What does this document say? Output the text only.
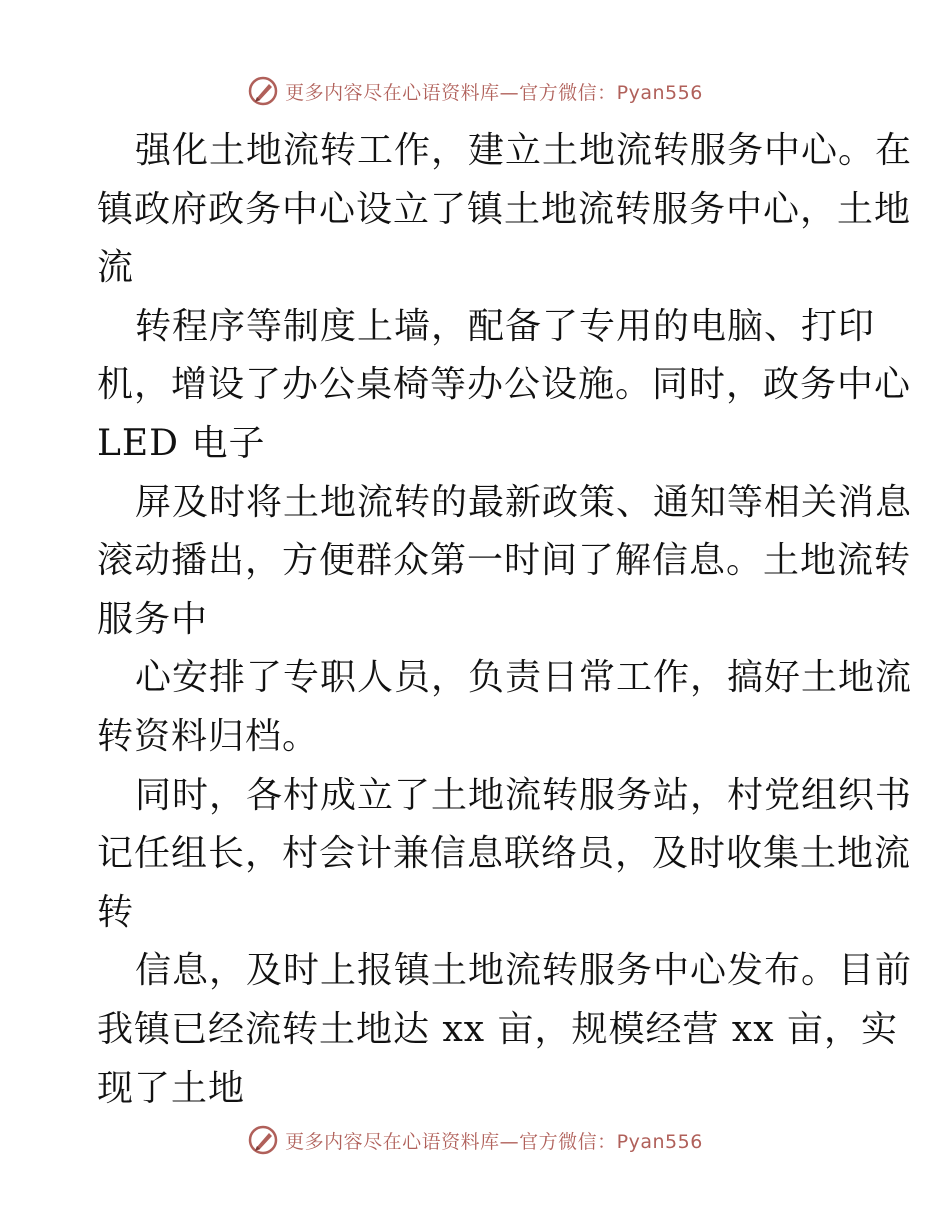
更多内容尽在心语资料库—官方微信：Pyan556
强化土地流转工作，建立土地流转服务中心。在
镇政府政务中心设立了镇土地流转服务中心，土地
流
转程序等制度上墙，配备了专用的电脑、打印
机，增设了办公桌椅等办公设施。同时，政务中心
LED 电子
屏及时将土地流转的最新政策、通知等相关消息
滚动播出，方便群众第一时间了解信息。土地流转
服务中
心安排了专职人员，负责日常工作，搞好土地流
转资料归档。
同时，各村成立了土地流转服务站，村党组织书
记任组长，村会计兼信息联络员，及时收集土地流
转
信息，及时上报镇土地流转服务中心发布。目前
我镇已经流转土地达 xx 亩，规模经营 xx 亩，实
现了土地
更多内容尽在心语资料库—官方微信：Pyan556
